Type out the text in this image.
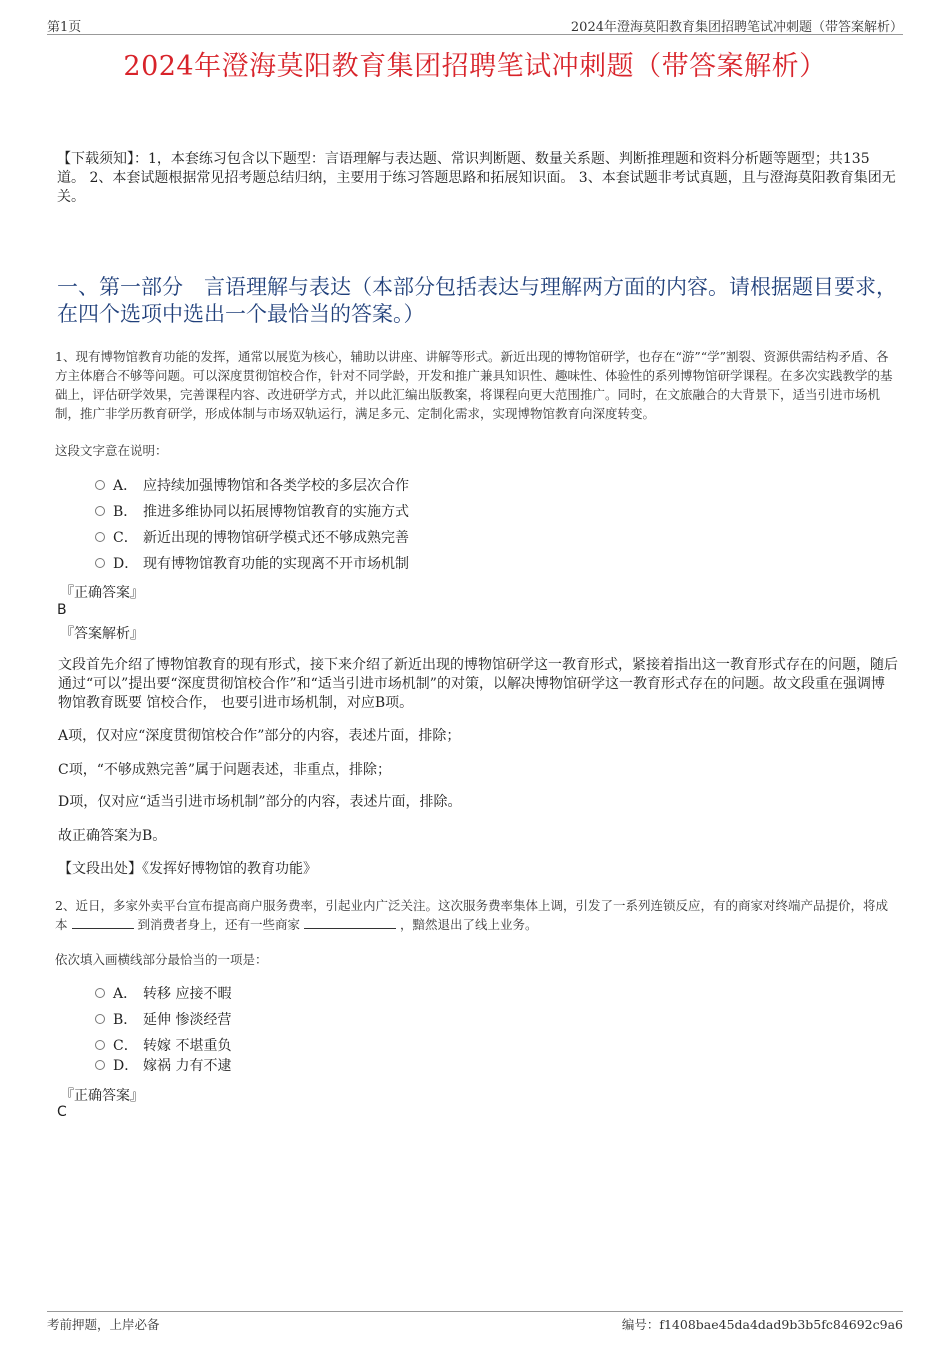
第1页	2024年澄海莫阳教育集团招聘笔试冲刺题（带答案解析）
2024年澄海莫阳教育集团招聘笔试冲刺题（带答案解析）
【下载须知】：1，本套练习包含以下题型：言语理解与表达题、常识判断题、数量关系题、判断推理题和资料分析题等题型；共135道。 2、本套试题根据常见招考题总结归纳，主要用于练习答题思路和拓展知识面。 3、本套试题非考试真题，且与澄海莫阳教育集团无关。
一、第一部分　言语理解与表达（本部分包括表达与理解两方面的内容。请根据题目要求，在四个选项中选出一个最恰当的答案。）
1、现有博物馆教育功能的发挥，通常以展览为核心，辅助以讲座、讲解等形式。新近出现的博物馆研学，也存在“游”“学”割裂、资源供需结构矛盾、各方主体磨合不够等问题。可以深度贯彻馆校合作，针对不同学龄，开发和推广兼具知识性、趣味性、体验性的系列博物馆研学课程。在多次实践教学的基础上，评估研学效果，完善课程内容、改进研学方式，并以此汇编出版教案，将课程向更大范围推广。同时，在文旅融合的大背景下，适当引进市场机制，推广非学历教育研学，形成体制与市场双轨运行，满足多元、定制化需求，实现博物馆教育向深度转变。
这段文字意在说明：
A． 应持续加强博物馆和各类学校的多层次合作
B． 推进多维协同以拓展博物馆教育的实施方式
C． 新近出现的博物馆研学模式还不够成熟完善
D． 现有博物馆教育功能的实现离不开市场机制
『正确答案』
B
『答案解析』
文段首先介绍了博物馆教育的现有形式，接下来介绍了新近出现的博物馆研学这一教育形式，紧接着指出这一教育形式存在的问题，随后通过“可以”提出要“深度贯彻馆校合作”和“适当引进市场机制”的对策，以解决博物馆研学这一教育形式存在的问题。故文段重在强调博物馆教育既要 馆校合作， 也要引进市场机制，对应B项。
A项，仅对应“深度贯彻馆校合作”部分的内容，表述片面，排除；
C项，“不够成熟完善”属于问题表述，非重点，排除；
D项，仅对应“适当引进市场机制”部分的内容，表述片面，排除。
故正确答案为B。
【文段出处】《发挥好博物馆的教育功能》
2、近日，多家外卖平台宣布提高商户服务费率，引起业内广泛关注。这次服务费率集体上调，引发了一系列连锁反应，有的商家对终端产品提价，将成本	到消费者身上，还有一些商家	，黯然退出了线上业务。
依次填入画横线部分最恰当的一项是：
A． 转移 应接不暇
B． 延伸 惨淡经营
C． 转嫁 不堪重负
D． 嫁祸 力有不逮
『正确答案』
C
考前押题，上岸必备	编号：f1408bae45da4dad9b3b5fc84692c9a6
